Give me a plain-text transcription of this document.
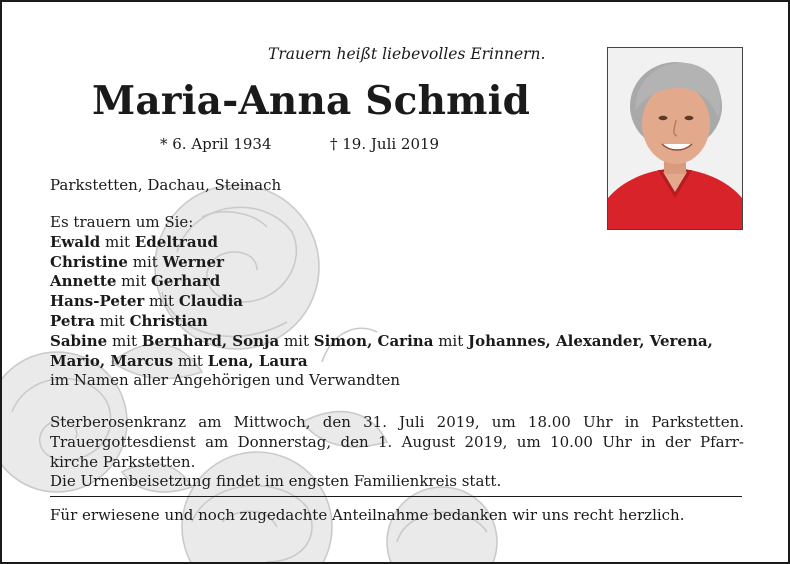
Trauern heißt liebevolles Erinnern.

Maria-Anna Schmid

* 6. April 1934	† 19. Juli 2019

Parkstetten, Dachau, Steinach

Es trauern um Sie:
Ewald mit Edeltraud
Christine mit Werner
Annette mit Gerhard
Hans-Peter mit Claudia
Petra mit Christian
Sabine mit Bernhard, Sonja mit Simon, Carina mit Johannes, Alexander, Verena,
Mario, Marcus mit Lena, Laura
im Namen aller Angehörigen und Verwandten
Sterberosenkranz am Mittwoch, den 31. Juli 2019, um 18.00 Uhr in Parkstetten.
Trauergottesdienst am Donnerstag, den 1. August 2019, um 10.00 Uhr in der Pfarr-
kirche Parkstetten.
Die Urnenbeisetzung findet im engsten Familienkreis statt.

Für erwiesene und noch zugedachte Anteilnahme bedanken wir uns recht herzlich.
